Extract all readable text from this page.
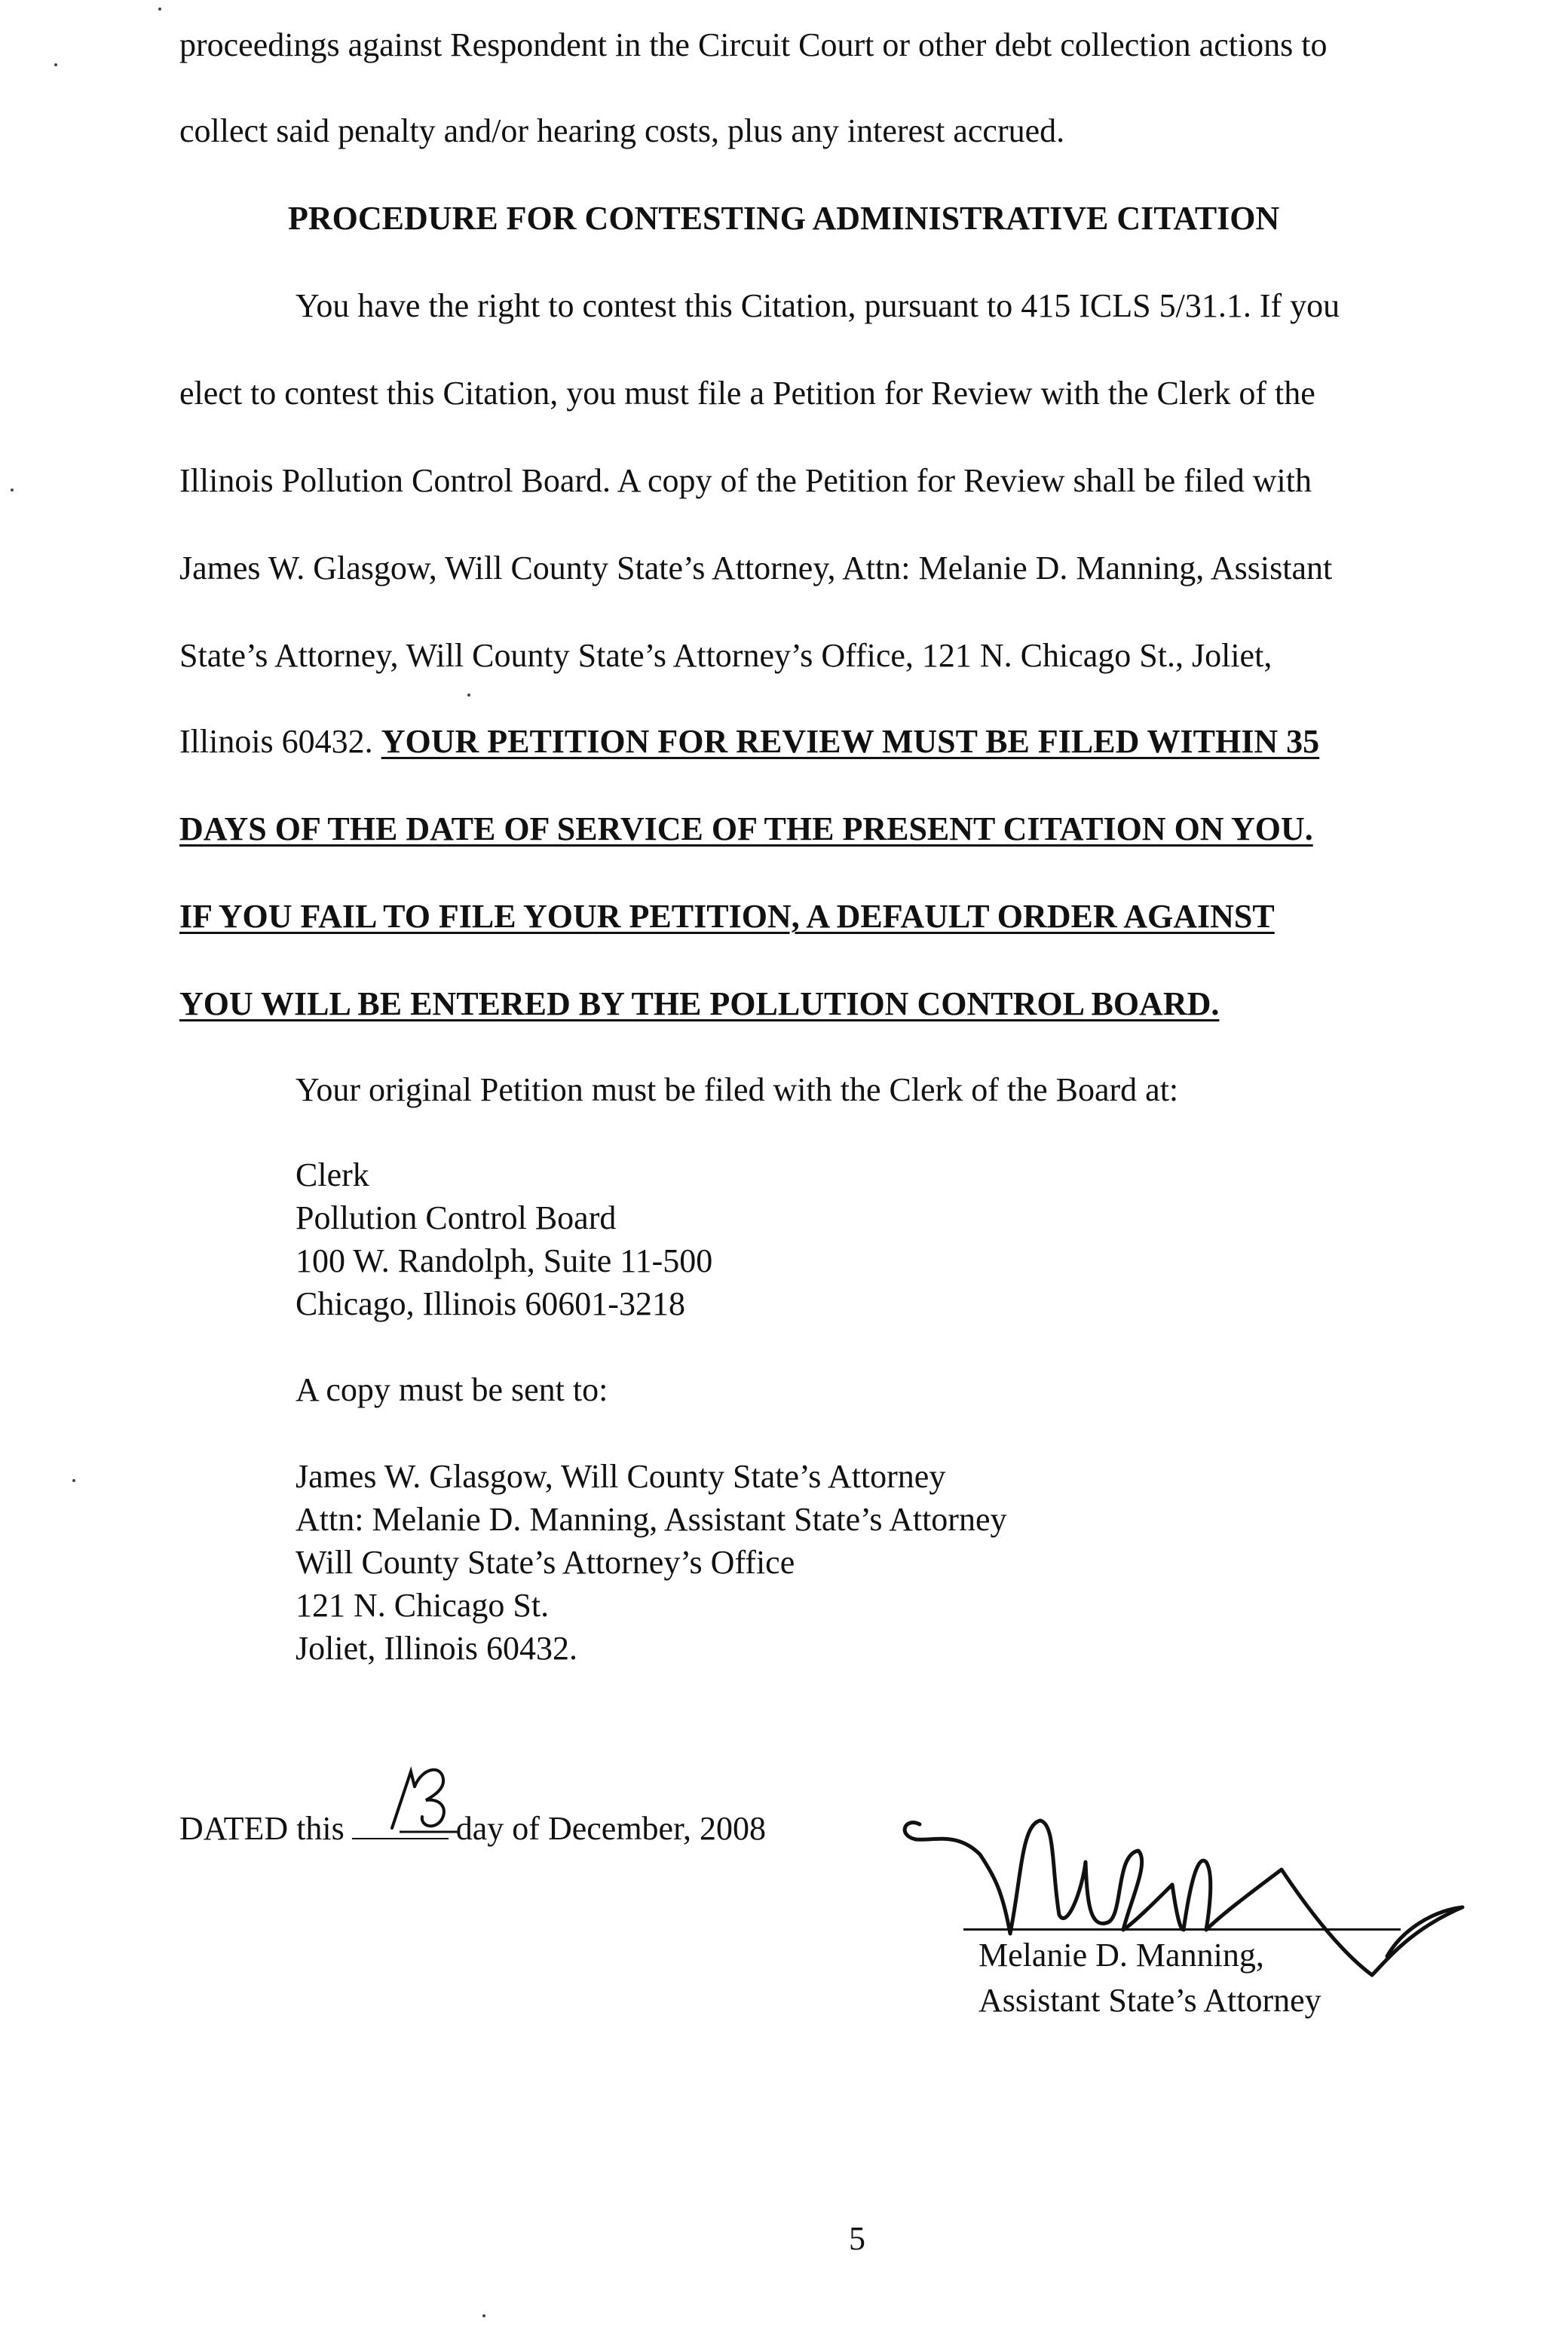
proceedings against Respondent in the Circuit Court or other debt collection actions to

collect said penalty and/or hearing costs, plus any interest accrued.

PROCEDURE FOR CONTESTING ADMINISTRATIVE CITATION

You have the right to contest this Citation, pursuant to 415 ICLS 5/31.1. If you

elect to contest this Citation, you must file a Petition for Review with the Clerk of the

Illinois Pollution Control Board. A copy of the Petition for Review shall be filed with

James W. Glasgow, Will County State’s Attorney, Attn: Melanie D. Manning, Assistant

State’s Attorney, Will County State’s Attorney’s Office, 121 N. Chicago St., Joliet,

Illinois 60432. YOUR PETITION FOR REVIEW MUST BE FILED WITHIN 35

DAYS OF THE DATE OF SERVICE OF THE PRESENT CITATION ON YOU.

IF YOU FAIL TO FILE YOUR PETITION, A DEFAULT ORDER AGAINST

YOU WILL BE ENTERED BY THE POLLUTION CONTROL BOARD.

Your original Petition must be filed with the Clerk of the Board at:

Clerk
Pollution Control Board
100 W. Randolph, Suite 11-500
Chicago, Illinois 60601-3218

A copy must be sent to:

James W. Glasgow, Will County State’s Attorney
Attn: Melanie D. Manning, Assistant State’s Attorney
Will County State’s Attorney’s Office
121 N. Chicago St.
Joliet, Illinois 60432.

DATED this	day of December, 2008

Melanie D. Manning,

Assistant State’s Attorney

5
